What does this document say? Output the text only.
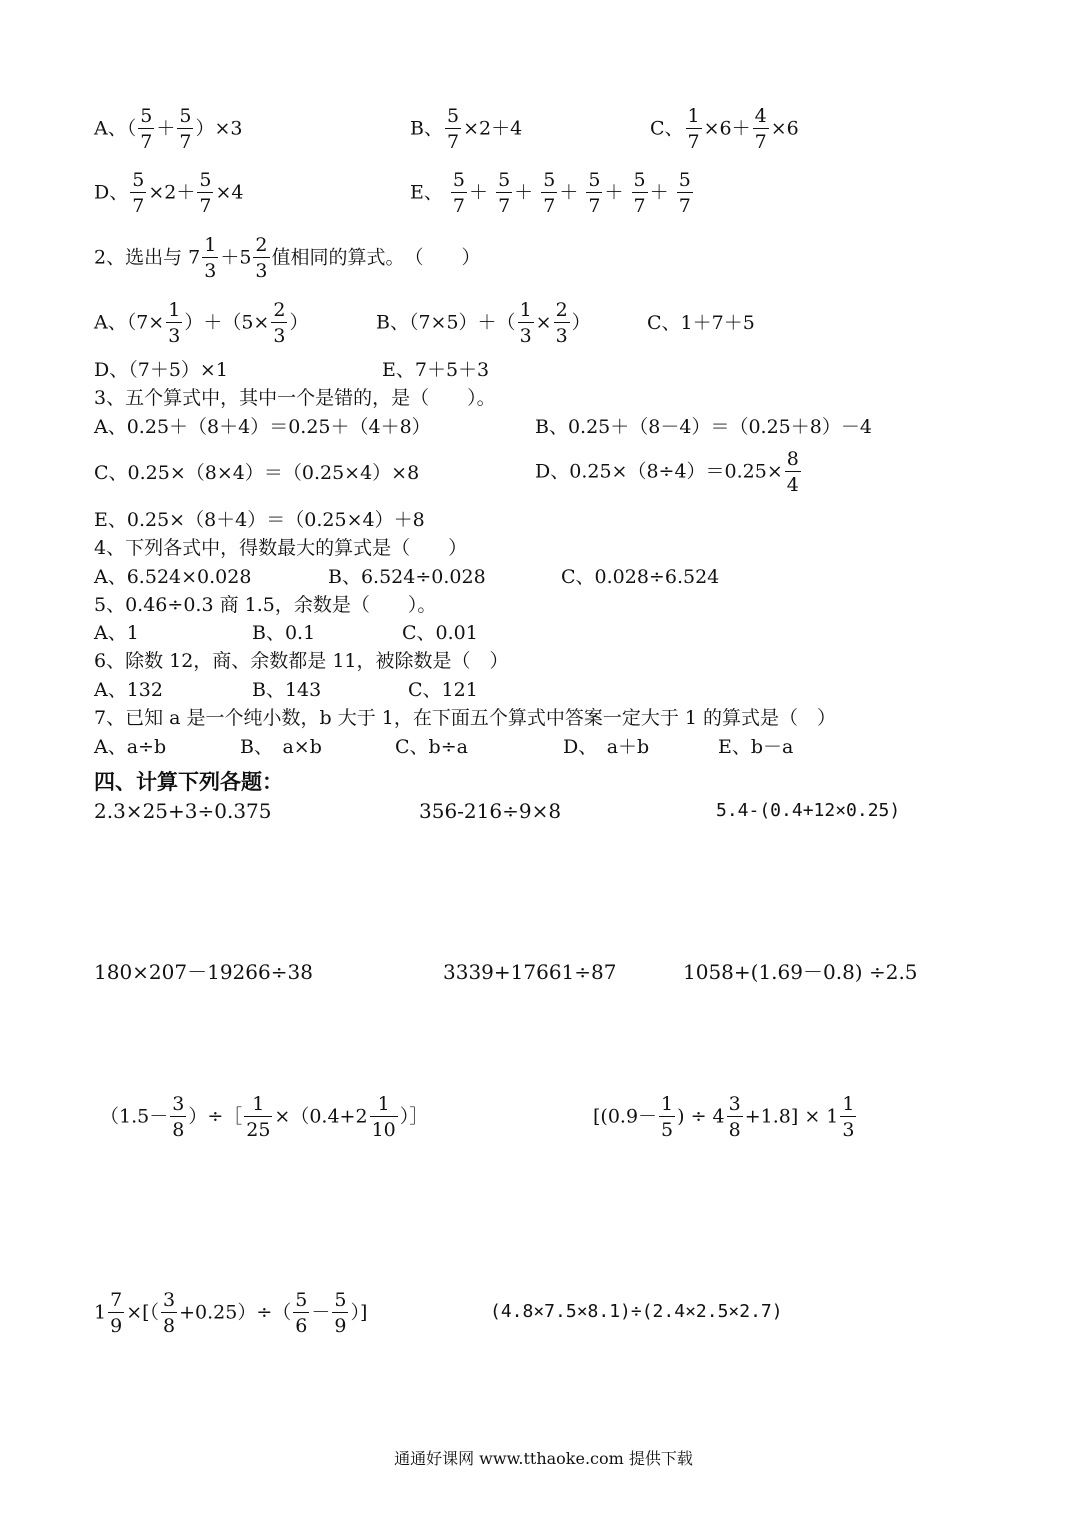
A、（ $\frac{5}{7} + \frac{5}{7} )\times 3$	B、 $\frac{5}{7} \times 2+4$	C、 $\frac{1}{7} \times 6+ \frac{4}{7} \times 6$
D、 $\frac{5}{7} \times 2+ \frac{5}{7} \times 4$	E、 $\frac{5}{7} + \frac{5}{7} + \frac{5}{7} + \frac{5}{7} + \frac{5}{7} + \frac{5}{7}$
2、选出与 $7 \frac{1}{3} +5 \frac{2}{3}$ 值相同的算式。　（　　）
A、$(7\times \frac{1}{3} )+(5\times \frac{2}{3}$ ）	B、$(7\times 5)+( \frac{1}{3} \times \frac{2}{3}$ ）	C、1＋7＋5
D、（7＋5）×1	E、7＋5＋3
3、五个算式中，其中一个是错的，是（　　）。
A、0.25＋（8＋4）＝0.25＋（4＋8）	B、0.25＋（8－4）＝（0.25＋8）－4
C、0.25×（8×4）＝（0.25×4）×8	D、$0.25\times(8\div 4)=0.25\times \frac{8}{4}$
E、0.25×（8＋4）＝（0.25×4）＋8
4、下列各式中，得数最大的算式是（　　）
A、6.524×0.028	B、6.524÷0.028	C、0.028÷6.524
5、0.46÷0.3 商 1.5，余数是（　　）。
A、1	B、0.1	C、0.01
6、除数 12，商、余数都是 11，被除数是（　）
A、132	B、143	C、121
7、已知 a 是一个纯小数，b 大于 1，在下面五个算式中答案一定大于 1 的算式是（　）
A、a÷b	B、　a×b	C、b÷a	D、　a＋b	E、b－a
四、计算下列各题：
2.3×25+3÷0.375	356-216÷9×8	5.4-(0.4+12×0.25)
180×207－19266÷38	3339+17661÷87	1058+(1.69－0.8) ÷2.5
（$1.5- \frac{3}{8}$ ）÷［ $\frac{1}{25} \times(0.4+2 \frac{1}{10}$ ）］	[($0.9- \frac{1}{5}$ ) ÷ $4 \frac{3}{8} +1.8] \times 1 \frac{1}{3}$
$1 \frac{7}{9}$ ×[（ $\frac{3}{8} +0.25)\div( \frac{5}{6} - \frac{5}{9}$ ）]	(4.8×7.5×8.1)÷(2.4×2.5×2.7)
通通好课网 www.tthaoke.com 提供下载
